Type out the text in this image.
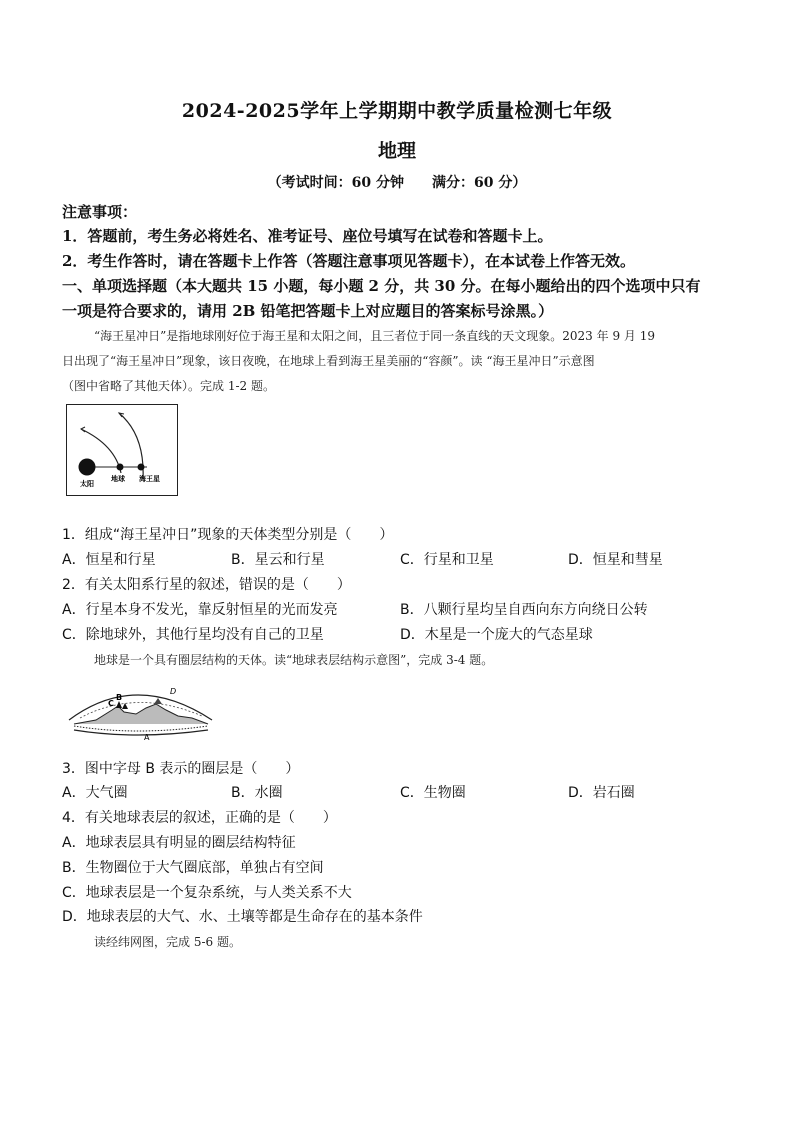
2024-2025学年上学期期中教学质量检测七年级
地理
（考试时间：60 分钟　　满分：60 分）
注意事项：
1．答题前，考生务必将姓名、准考证号、座位号填写在试卷和答题卡上。
2．考生作答时，请在答题卡上作答（答题注意事项见答题卡），在本试卷上作答无效。
一、单项选择题（本大题共 15 小题，每小题 2 分，共 30 分。在每小题给出的四个选项中只有
一项是符合要求的，请用 2B 铅笔把答题卡上对应题目的答案标号涂黑。）
“海王星冲日”是指地球刚好位于海王星和太阳之间，且三者位于同一条直线的天文现象。2023 年 9 月 19
日出现了“海王星冲日”现象，该日夜晚，在地球上看到海王星美丽的“容颜”。读 “海王星冲日”示意图
（图中省略了其他天体）。完成 1-2 题。
太阳
地球 海王星
1．组成“海王星冲日”现象的天体类型分别是（　　）
A．恒星和行星	B．星云和行星	C．行星和卫星	D．恒星和彗星
2．有关太阳系行星的叙述，错误的是（　　）
A．行星本身不发光，靠反射恒星的光而发亮	B．八颗行星均呈自西向东方向绕日公转
C．除地球外，其他行星均没有自己的卫星	D．木星是一个庞大的气态星球
地球是一个具有圈层结构的天体。读“地球表层结构示意图”，完成 3-4 题。
C
B
D
A
3．图中字母 B 表示的圈层是（　　）
A．大气圈	B．水圈	C．生物圈	D．岩石圈
4．有关地球表层的叙述，正确的是（　　）
A．地球表层具有明显的圈层结构特征
B．生物圈位于大气圈底部，单独占有空间
C．地球表层是一个复杂系统，与人类关系不大
D．地球表层的大气、水、土壤等都是生命存在的基本条件
读经纬网图，完成 5-6 题。
